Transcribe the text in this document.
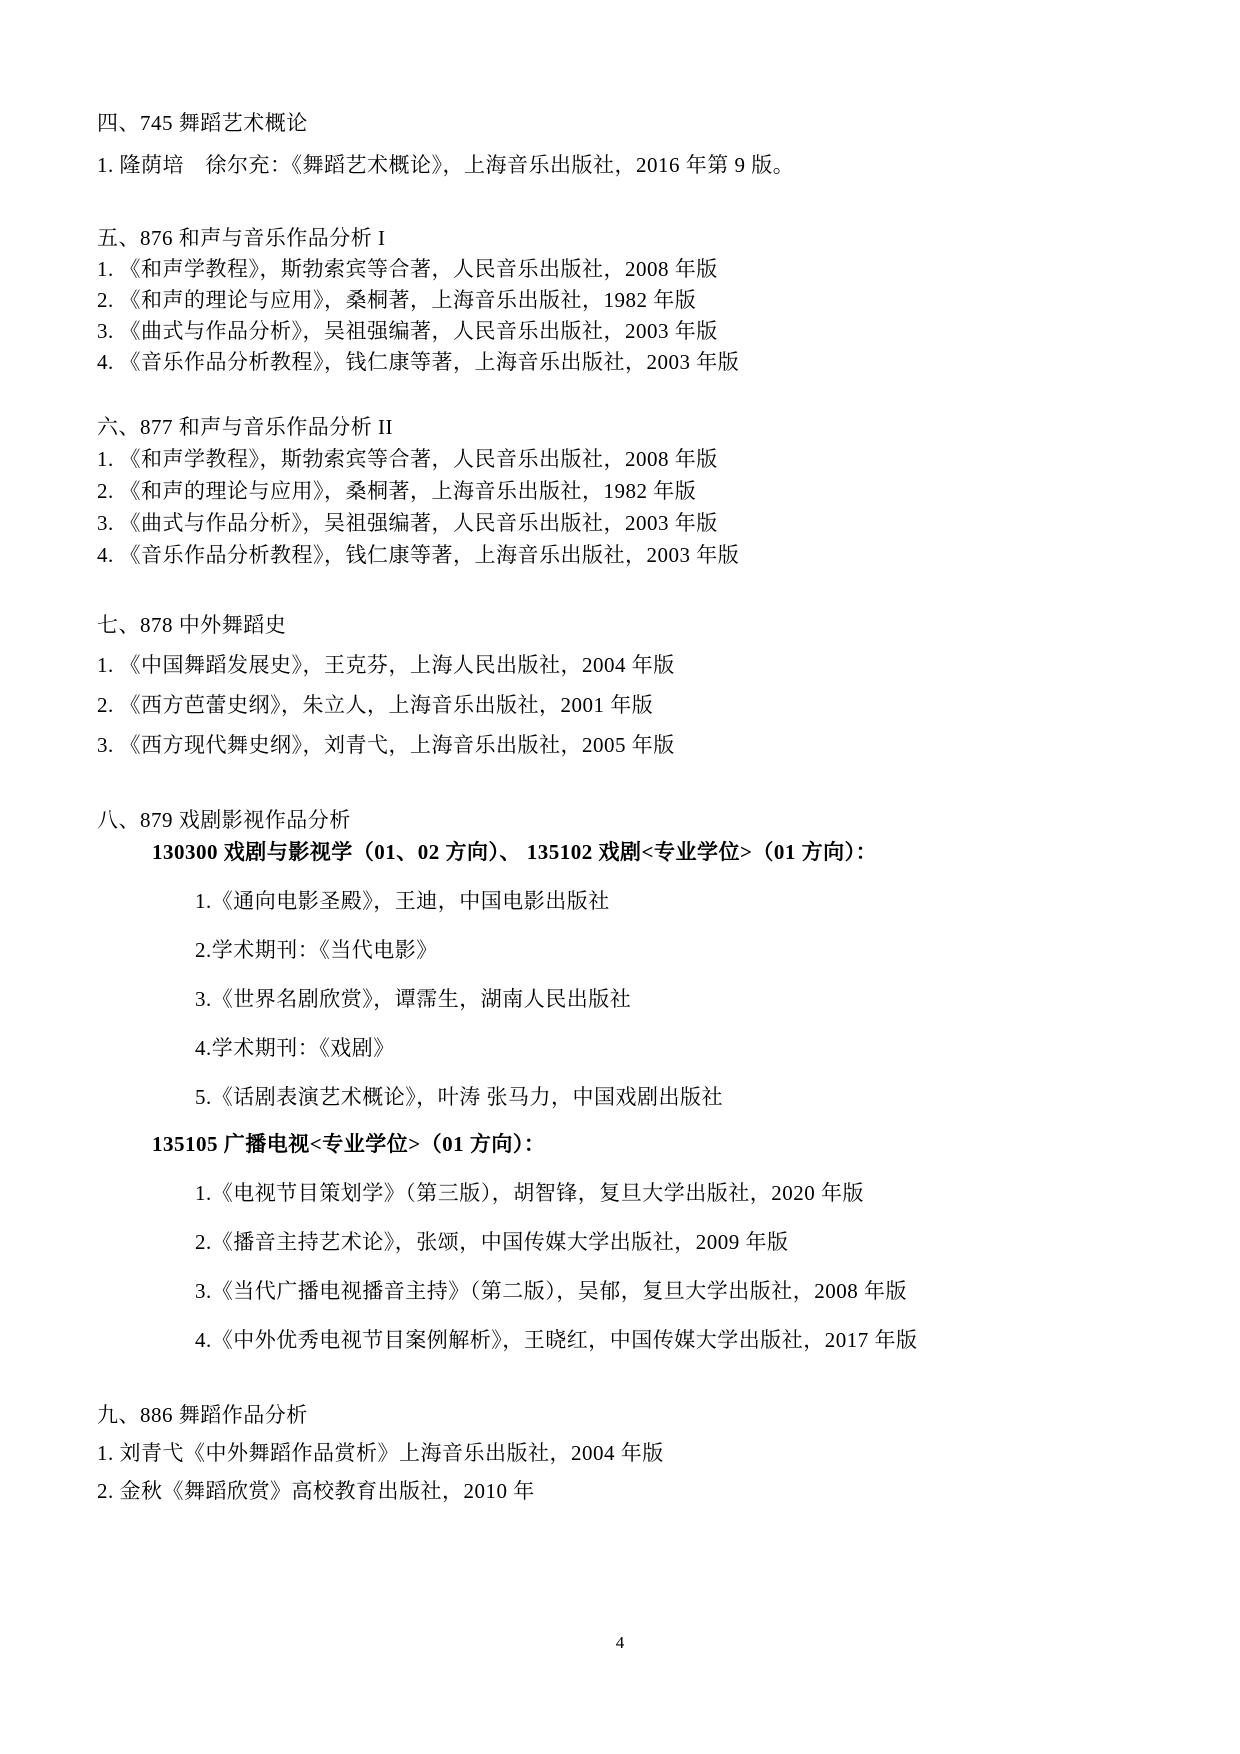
四、745 舞蹈艺术概论
1. 隆荫培　徐尔充：《舞蹈艺术概论》，上海音乐出版社，2016 年第 9 版。
五、876 和声与音乐作品分析 I
1. 《和声学教程》，斯勃索宾等合著，人民音乐出版社，2008 年版
2. 《和声的理论与应用》，桑桐著，上海音乐出版社，1982 年版
3. 《曲式与作品分析》，吴祖强编著，人民音乐出版社，2003 年版
4. 《音乐作品分析教程》，钱仁康等著，上海音乐出版社，2003 年版
六、877 和声与音乐作品分析 II
1. 《和声学教程》，斯勃索宾等合著，人民音乐出版社，2008 年版
2. 《和声的理论与应用》，桑桐著，上海音乐出版社，1982 年版
3. 《曲式与作品分析》，吴祖强编著，人民音乐出版社，2003 年版
4. 《音乐作品分析教程》，钱仁康等著，上海音乐出版社，2003 年版
七、878 中外舞蹈史
1. 《中国舞蹈发展史》，王克芬，上海人民出版社，2004 年版
2. 《西方芭蕾史纲》，朱立人，上海音乐出版社，2001 年版
3. 《西方现代舞史纲》，刘青弋，上海音乐出版社，2005 年版
八、879 戏剧影视作品分析
130300 戏剧与影视学（01、02 方向）、 135102 戏剧<专业学位>（01 方向）：
1.《通向电影圣殿》，王迪，中国电影出版社
2.学术期刊：《当代电影》
3.《世界名剧欣赏》，谭霈生，湖南人民出版社
4.学术期刊：《戏剧》
5.《话剧表演艺术概论》，叶涛 张马力，中国戏剧出版社
135105 广播电视<专业学位>（01 方向）：
1.《电视节目策划学》（第三版），胡智锋，复旦大学出版社，2020 年版
2.《播音主持艺术论》，张颂，中国传媒大学出版社，2009 年版
3.《当代广播电视播音主持》（第二版），吴郁，复旦大学出版社，2008 年版
4.《中外优秀电视节目案例解析》，王晓红，中国传媒大学出版社，2017 年版
九、886 舞蹈作品分析
1. 刘青弋《中外舞蹈作品赏析》上海音乐出版社，2004 年版
2. 金秋《舞蹈欣赏》高校教育出版社，2010 年
4
